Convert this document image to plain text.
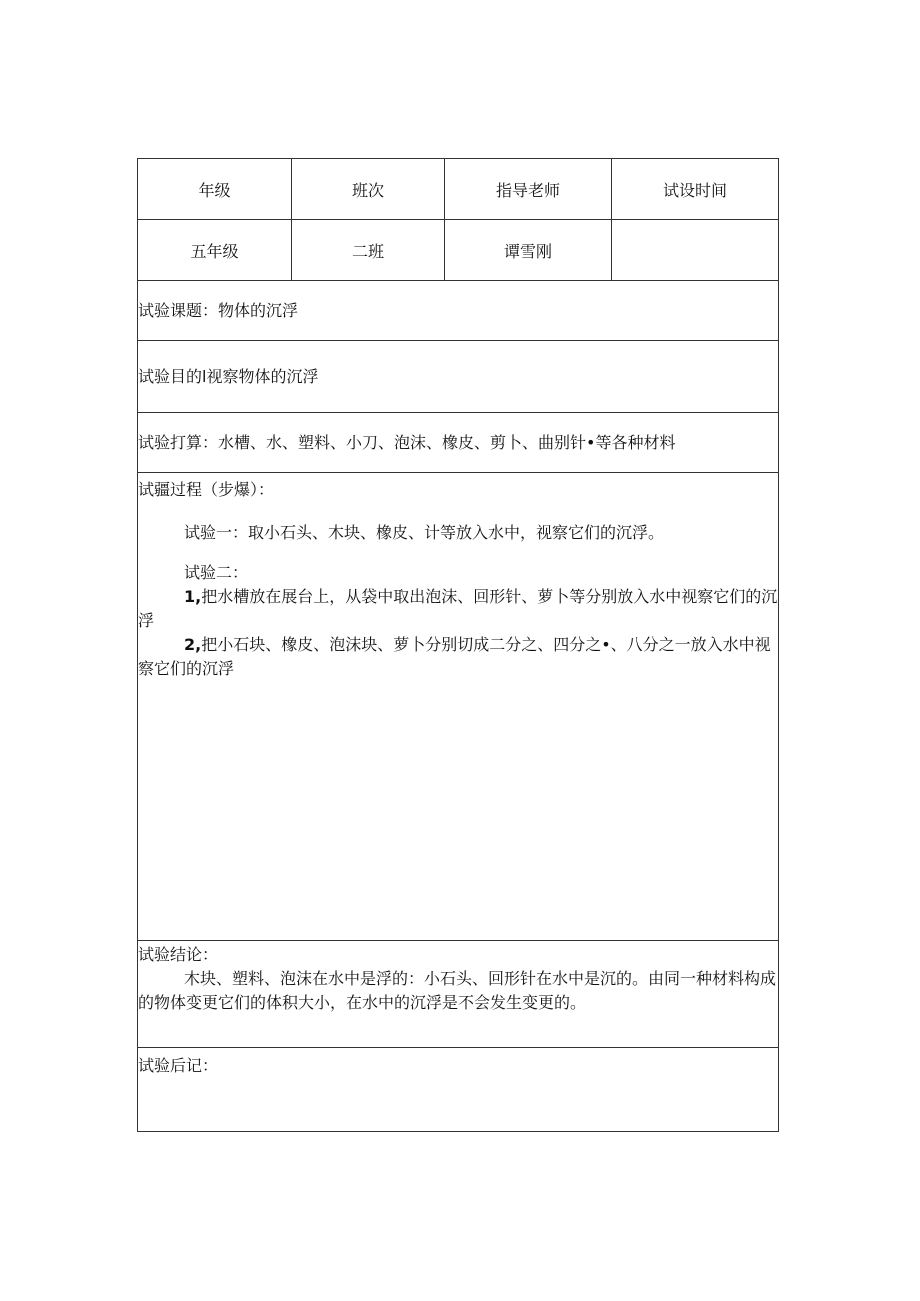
年级	班次	指导老师	试设时间
五年级	二班	谭雪刚
试验课题：物体的沉浮
试验目的l视察物体的沉浮
试验打算：水槽、水、塑料、小刀、泡沫、橡皮、剪卜、曲别针•等各种材料

试疆过程（步爆）：

试验一：取小石头、木块、橡皮、计等放入水中，视察它们的沉浮。

试验二：

1,把水槽放在展台上，从袋中取出泡沫、回形针、萝卜等分别放入水中视察它们的沉浮

2,把小石块、橡皮、泡沫块、萝卜分别切成二分之、四分之•、八分之一放入水中视察它们的沉浮

试验结论：

木块、塑料、泡沫在水中是浮的：小石头、回形针在水中是沉的。由同一种材料构成的物体变更它们的体积大小，在水中的沉浮是不会发生变更的。

试验后记：
